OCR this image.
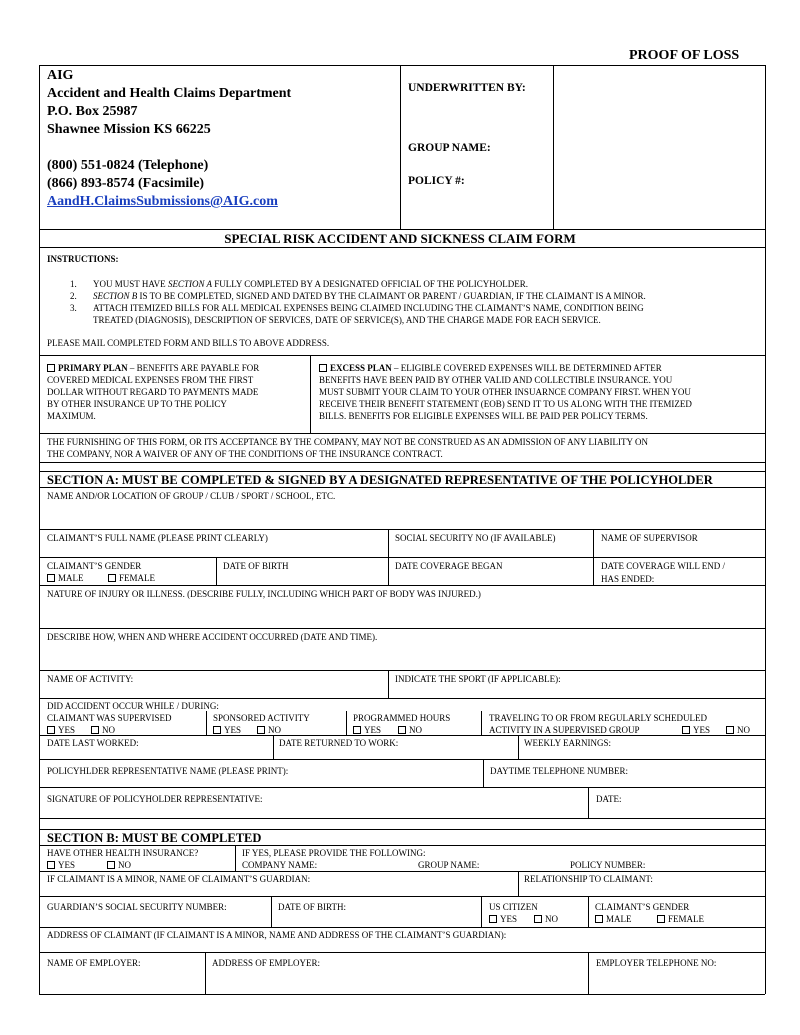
PROOF OF LOSS
AIG
Accident and Health Claims Department
P.O. Box 25987
Shawnee Mission KS 66225
(800) 551-0824 (Telephone)
(866) 893-8574 (Facsimile)
AandH.ClaimsSubmissions@AIG.com
UNDERWRITTEN BY:
GROUP NAME:
POLICY #:
SPECIAL RISK ACCIDENT AND SICKNESS CLAIM FORM
INSTRUCTIONS:
1. YOU MUST HAVE SECTION A FULLY COMPLETED BY A DESIGNATED OFFICIAL OF THE POLICYHOLDER.
2. SECTION B IS TO BE COMPLETED, SIGNED AND DATED BY THE CLAIMANT OR PARENT / GUARDIAN, IF THE CLAIMANT IS A MINOR.
3. ATTACH ITEMIZED BILLS FOR ALL MEDICAL EXPENSES BEING CLAIMED INCLUDING THE CLAIMANT’S NAME, CONDITION BEING
TREATED (DIAGNOSIS), DESCRIPTION OF SERVICES, DATE OF SERVICE(S), AND THE CHARGE MADE FOR EACH SERVICE.
PLEASE MAIL COMPLETED FORM AND BILLS TO ABOVE ADDRESS.
PRIMARY PLAN – BENEFITS ARE PAYABLE FOR
COVERED MEDICAL EXPENSES FROM THE FIRST
DOLLAR WITHOUT REGARD TO PAYMENTS MADE
BY OTHER INSURANCE UP TO THE POLICY
MAXIMUM.
EXCESS PLAN – ELIGIBLE COVERED EXPENSES WILL BE DETERMINED AFTER
BENEFITS HAVE BEEN PAID BY OTHER VALID AND COLLECTIBLE INSURANCE. YOU
MUST SUBMIT YOUR CLAIM TO YOUR OTHER INSUARNCE COMPANY FIRST. WHEN YOU
RECEIVE THEIR BENEFIT STATEMENT (EOB) SEND IT TO US ALONG WITH THE ITEMIZED
BILLS. BENEFITS FOR ELIGIBLE EXPENSES WILL BE PAID PER POLICY TERMS.
THE FURNISHING OF THIS FORM, OR ITS ACCEPTANCE BY THE COMPANY, MAY NOT BE CONSTRUED AS AN ADMISSION OF ANY LIABILITY ON
THE COMPANY, NOR A WAIVER OF ANY OF THE CONDITIONS OF THE INSURANCE CONTRACT.
SECTION A: MUST BE COMPLETED & SIGNED BY A DESIGNATED REPRESENTATIVE OF THE POLICYHOLDER
NAME AND/OR LOCATION OF GROUP / CLUB / SPORT / SCHOOL, ETC.
CLAIMANT’S FULL NAME (PLEASE PRINT CLEARLY)	SOCIAL SECURITY NO (IF AVAILABLE)	NAME OF SUPERVISOR
CLAIMANT’S GENDER
MALE	FEMALE
DATE OF BIRTH	DATE COVERAGE BEGAN	DATE COVERAGE WILL END /
HAS ENDED:
NATURE OF INJURY OR ILLNESS. (DESCRIBE FULLY, INCLUDING WHICH PART OF BODY WAS INJURED.)
DESCRIBE HOW, WHEN AND WHERE ACCIDENT OCCURRED (DATE AND TIME).
NAME OF ACTIVITY:	INDICATE THE SPORT (IF APPLICABLE):
DID ACCIDENT OCCUR WHILE / DURING:
CLAIMANT WAS SUPERVISED
YES	NO
SPONSORED ACTIVITY
YES	NO
PROGRAMMED HOURS
YES	NO
TRAVELING TO OR FROM REGULARLY SCHEDULED
ACTIVITY IN A SUPERVISED GROUP	YES	NO
DATE LAST WORKED:	DATE RETURNED TO WORK:	WEEKLY EARNINGS:
POLICYHLDER REPRESENTATIVE NAME (PLEASE PRINT):	DAYTIME TELEPHONE NUMBER:
SIGNATURE OF POLICYHOLDER REPRESENTATIVE:	DATE:
SECTION B: MUST BE COMPLETED
HAVE OTHER HEALTH INSURANCE?
YES	NO
IF YES, PLEASE PROVIDE THE FOLLOWING:
COMPANY NAME:	GROUP NAME:	POLICY NUMBER:
IF CLAIMANT IS A MINOR, NAME OF CLAIMANT’S GUARDIAN:	RELATIONSHIP TO CLAIMANT:
GUARDIAN’S SOCIAL SECURITY NUMBER:	DATE OF BIRTH:	US CITIZEN
YES	NO
CLAIMANT’S GENDER
MALE	FEMALE
ADDRESS OF CLAIMANT (IF CLAIMANT IS A MINOR, NAME AND ADDRESS OF THE CLAIMANT’S GUARDIAN):
NAME OF EMPLOYER:	ADDRESS OF EMPLOYER:	EMPLOYER TELEPHONE NO:
